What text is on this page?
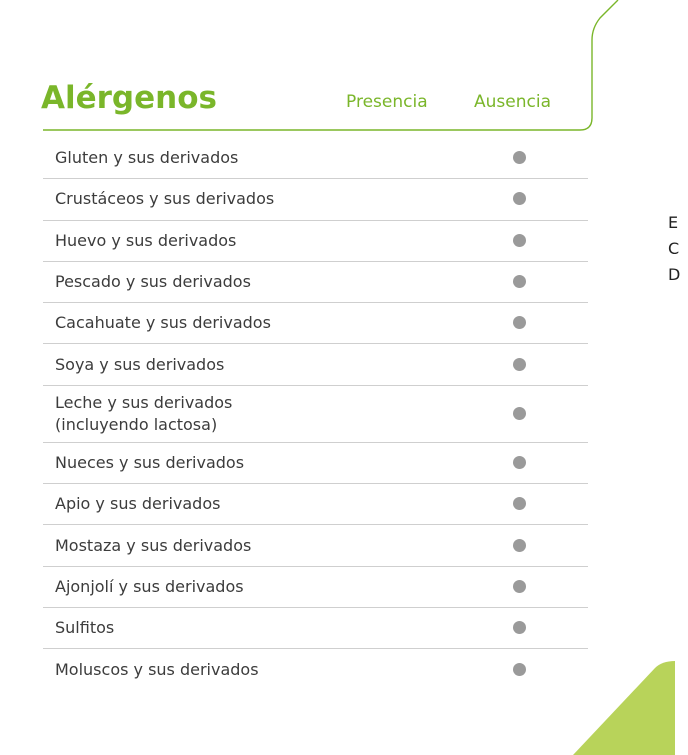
Alérgenos	Presencia	Ausencia
Gluten y sus derivados
Crustáceos y sus derivados
Huevo y sus derivados
Pescado y sus derivados
Cacahuate y sus derivados
Soya y sus derivados
Leche y sus derivados
(incluyendo lactosa)
Nueces y sus derivados
Apio y sus derivados
Mostaza y sus derivados
Ajonjolí y sus derivados
Sulfitos
Moluscos y sus derivados
E
C
D
